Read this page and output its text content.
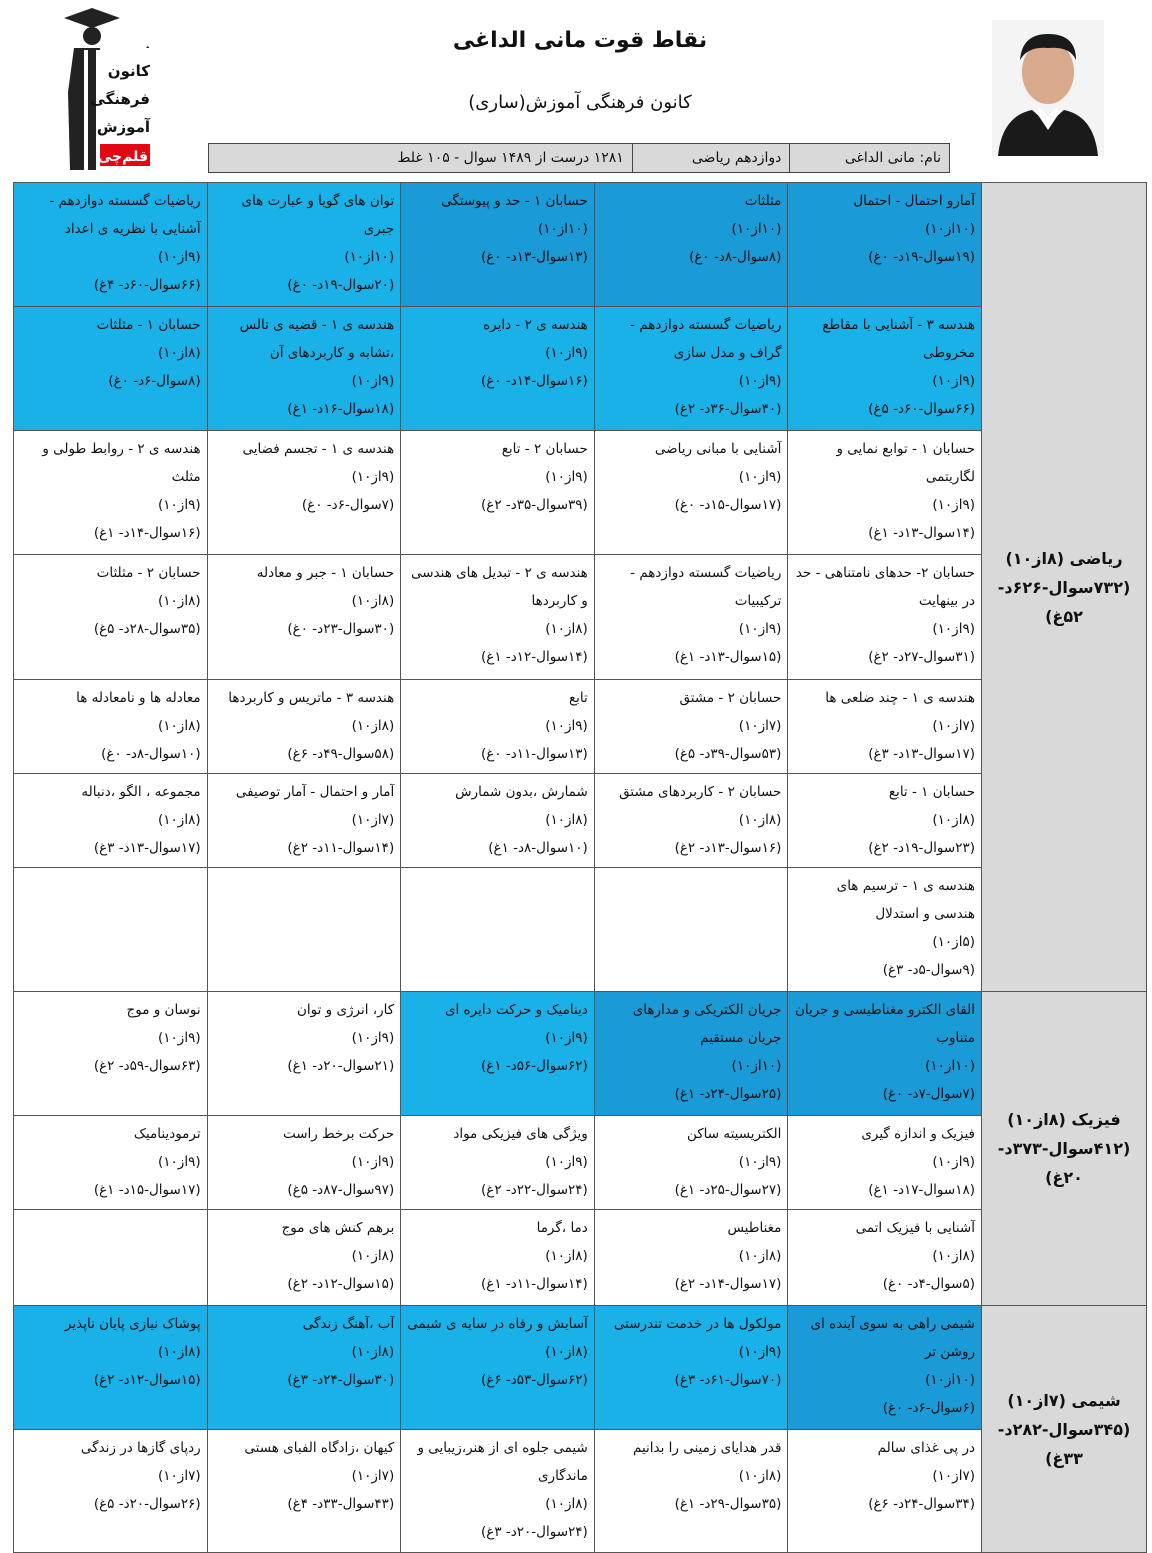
کانون
فرهنگی
آموزش
قلم‌چی
نقاط قوت مانی الداغی
کانون فرهنگی آموزش(ساری)
نام: مانی الداغی
دوازدهم ریاضی
۱۲۸۱ درست از ۱۴۸۹ سوال - ۱۰۵ غلط
ریاضی (۸از۱۰) (۷۳۲سوال-۶۲۶د- ۵۲غ)
آمارو احتمال - احتمال
(۱۰از۱۰)
(۱۹سوال-۱۹د- ۰غ)
مثلثات
(۱۰از۱۰)
(۸سوال-۸د- ۰غ)
حسابان ۱ - حد و پیوستگی
(۱۰از۱۰)
(۱۳سوال-۱۳د- ۰غ)
توان های گویا و عبارت های جبری
(۱۰از۱۰)
(۲۰سوال-۱۹د- ۰غ)
ریاضیات گسسته دوازدهم - آشنایی با نظریه ی اعداد
(۹از۱۰)
(۶۶سوال-۶۰د- ۴غ)
هندسه ۳ - آشنایی با مقاطع مخروطی
(۹از۱۰)
(۶۶سوال-۶۰د- ۵غ)
ریاضیات گسسته دوازدهم - گراف و مدل سازی
(۹از۱۰)
(۴۰سوال-۳۶د- ۲غ)
هندسه ی ۲ - دایره
(۹از۱۰)
(۱۶سوال-۱۴د- ۰غ)
هندسه ی ۱ - قضیه ی تالس ،تشابه و کاربردهای آن
(۹از۱۰)
(۱۸سوال-۱۶د- ۱غ)
حسابان ۱ - مثلثات
(۸از۱۰)
(۸سوال-۶د- ۰غ)
حسابان ۱ - توابع نمایی و لگاریتمی
(۹از۱۰)
(۱۴سوال-۱۳د- ۱غ)
آشنایی با مبانی ریاضی
(۹از۱۰)
(۱۷سوال-۱۵د- ۰غ)
حسابان ۲ - تابع
(۹از۱۰)
(۳۹سوال-۳۵د- ۲غ)
هندسه ی ۱ - تجسم فضایی
(۹از۱۰)
(۷سوال-۶د- ۰غ)
هندسه ی ۲ - روابط طولی و مثلث
(۹از۱۰)
(۱۶سوال-۱۴د- ۱غ)
حسابان ۲- حدهای نامتناهی - حد در بینهایت
(۹از۱۰)
(۳۱سوال-۲۷د- ۲غ)
ریاضیات گسسته دوازدهم - ترکیبیات
(۹از۱۰)
(۱۵سوال-۱۳د- ۱غ)
هندسه ی ۲ - تبدیل های هندسی و کاربردها
(۸از۱۰)
(۱۴سوال-۱۲د- ۱غ)
حسابان ۱ - جبر و معادله
(۸از۱۰)
(۳۰سوال-۲۳د- ۰غ)
حسابان ۲ - مثلثات
(۸از۱۰)
(۳۵سوال-۲۸د- ۵غ)
هندسه ی ۱ - چند ضلعی ها
(۷از۱۰)
(۱۷سوال-۱۳د- ۳غ)
حسابان ۲ - مشتق
(۷از۱۰)
(۵۳سوال-۳۹د- ۵غ)
تابع
(۹از۱۰)
(۱۳سوال-۱۱د- ۰غ)
هندسه ۳ - ماتریس و کاربردها
(۸از۱۰)
(۵۸سوال-۴۹د- ۶غ)
معادله ها و نامعادله ها
(۸از۱۰)
(۱۰سوال-۸د- ۰غ)
حسابان ۱ - تابع
(۸از۱۰)
(۲۳سوال-۱۹د- ۲غ)
حسابان ۲ - کاربردهای مشتق
(۸از۱۰)
(۱۶سوال-۱۳د- ۲غ)
شمارش ،بدون شمارش
(۸از۱۰)
(۱۰سوال-۸د- ۱غ)
آمار و احتمال - آمار توصیفی
(۷از۱۰)
(۱۴سوال-۱۱د- ۲غ)
مجموعه ، الگو ،دنباله
(۸از۱۰)
(۱۷سوال-۱۳د- ۳غ)
هندسه ی ۱ - ترسیم های هندسی و استدلال
(۵از۱۰)
(۹سوال-۵د- ۳غ)
فیزیک (۸از۱۰) (۴۱۲سوال-۳۷۳د- ۲۰غ)
القای الکترو مغناطیسی و جریان متناوب
(۱۰از۱۰)
(۷سوال-۷د- ۰غ)
جریان الکتریکی و مدارهای جریان مستقیم
(۱۰از۱۰)
(۲۵سوال-۲۴د- ۱غ)
دینامیک و حرکت دایره ای
(۹از۱۰)
(۶۲سوال-۵۶د- ۱غ)
کار، انرژی و توان
(۹از۱۰)
(۲۱سوال-۲۰د- ۱غ)
نوسان و موج
(۹از۱۰)
(۶۳سوال-۵۹د- ۲غ)
فیزیک و اندازه گیری
(۹از۱۰)
(۱۸سوال-۱۷د- ۱غ)
الکتریسیته ساکن
(۹از۱۰)
(۲۷سوال-۲۵د- ۱غ)
ویژگی های فیزیکی مواد
(۹از۱۰)
(۲۴سوال-۲۲د- ۲غ)
حرکت برخط راست
(۹از۱۰)
(۹۷سوال-۸۷د- ۵غ)
ترمودینامیک
(۹از۱۰)
(۱۷سوال-۱۵د- ۱غ)
آشنایی با فیزیک اتمی
(۸از۱۰)
(۵سوال-۴د- ۰غ)
مغناطیس
(۸از۱۰)
(۱۷سوال-۱۴د- ۲غ)
دما ،گرما
(۸از۱۰)
(۱۴سوال-۱۱د- ۱غ)
برهم کنش های موج
(۸از۱۰)
(۱۵سوال-۱۲د- ۲غ)
شیمی (۷از۱۰) (۳۴۵سوال-۲۸۲د- ۳۳غ)
شیمی راهی به سوی آینده ای روشن تر
(۱۰از۱۰)
(۶سوال-۶د- ۰غ)
مولکول ها در خدمت تندرستی
(۹از۱۰)
(۷۰سوال-۶۱د- ۳غ)
آسایش و رفاه در سایه ی شیمی
(۸از۱۰)
(۶۲سوال-۵۳د- ۶غ)
آب ،آهنگ زندگی
(۸از۱۰)
(۳۰سوال-۲۴د- ۳غ)
پوشاک نیازی پایان ناپذیر
(۸از۱۰)
(۱۵سوال-۱۲د- ۲غ)
در پی غذای سالم
(۷از۱۰)
(۳۴سوال-۲۴د- ۶غ)
قدر هدایای زمینی را بدانیم
(۸از۱۰)
(۳۵سوال-۲۹د- ۱غ)
شیمی جلوه ای از هنر،زیبایی و ماندگاری
(۸از۱۰)
(۲۴سوال-۲۰د- ۳غ)
کیهان ،زادگاه الفبای هستی
(۷از۱۰)
(۴۳سوال-۳۳د- ۴غ)
ردپای گازها در زندگی
(۷از۱۰)
(۲۶سوال-۲۰د- ۵غ)
